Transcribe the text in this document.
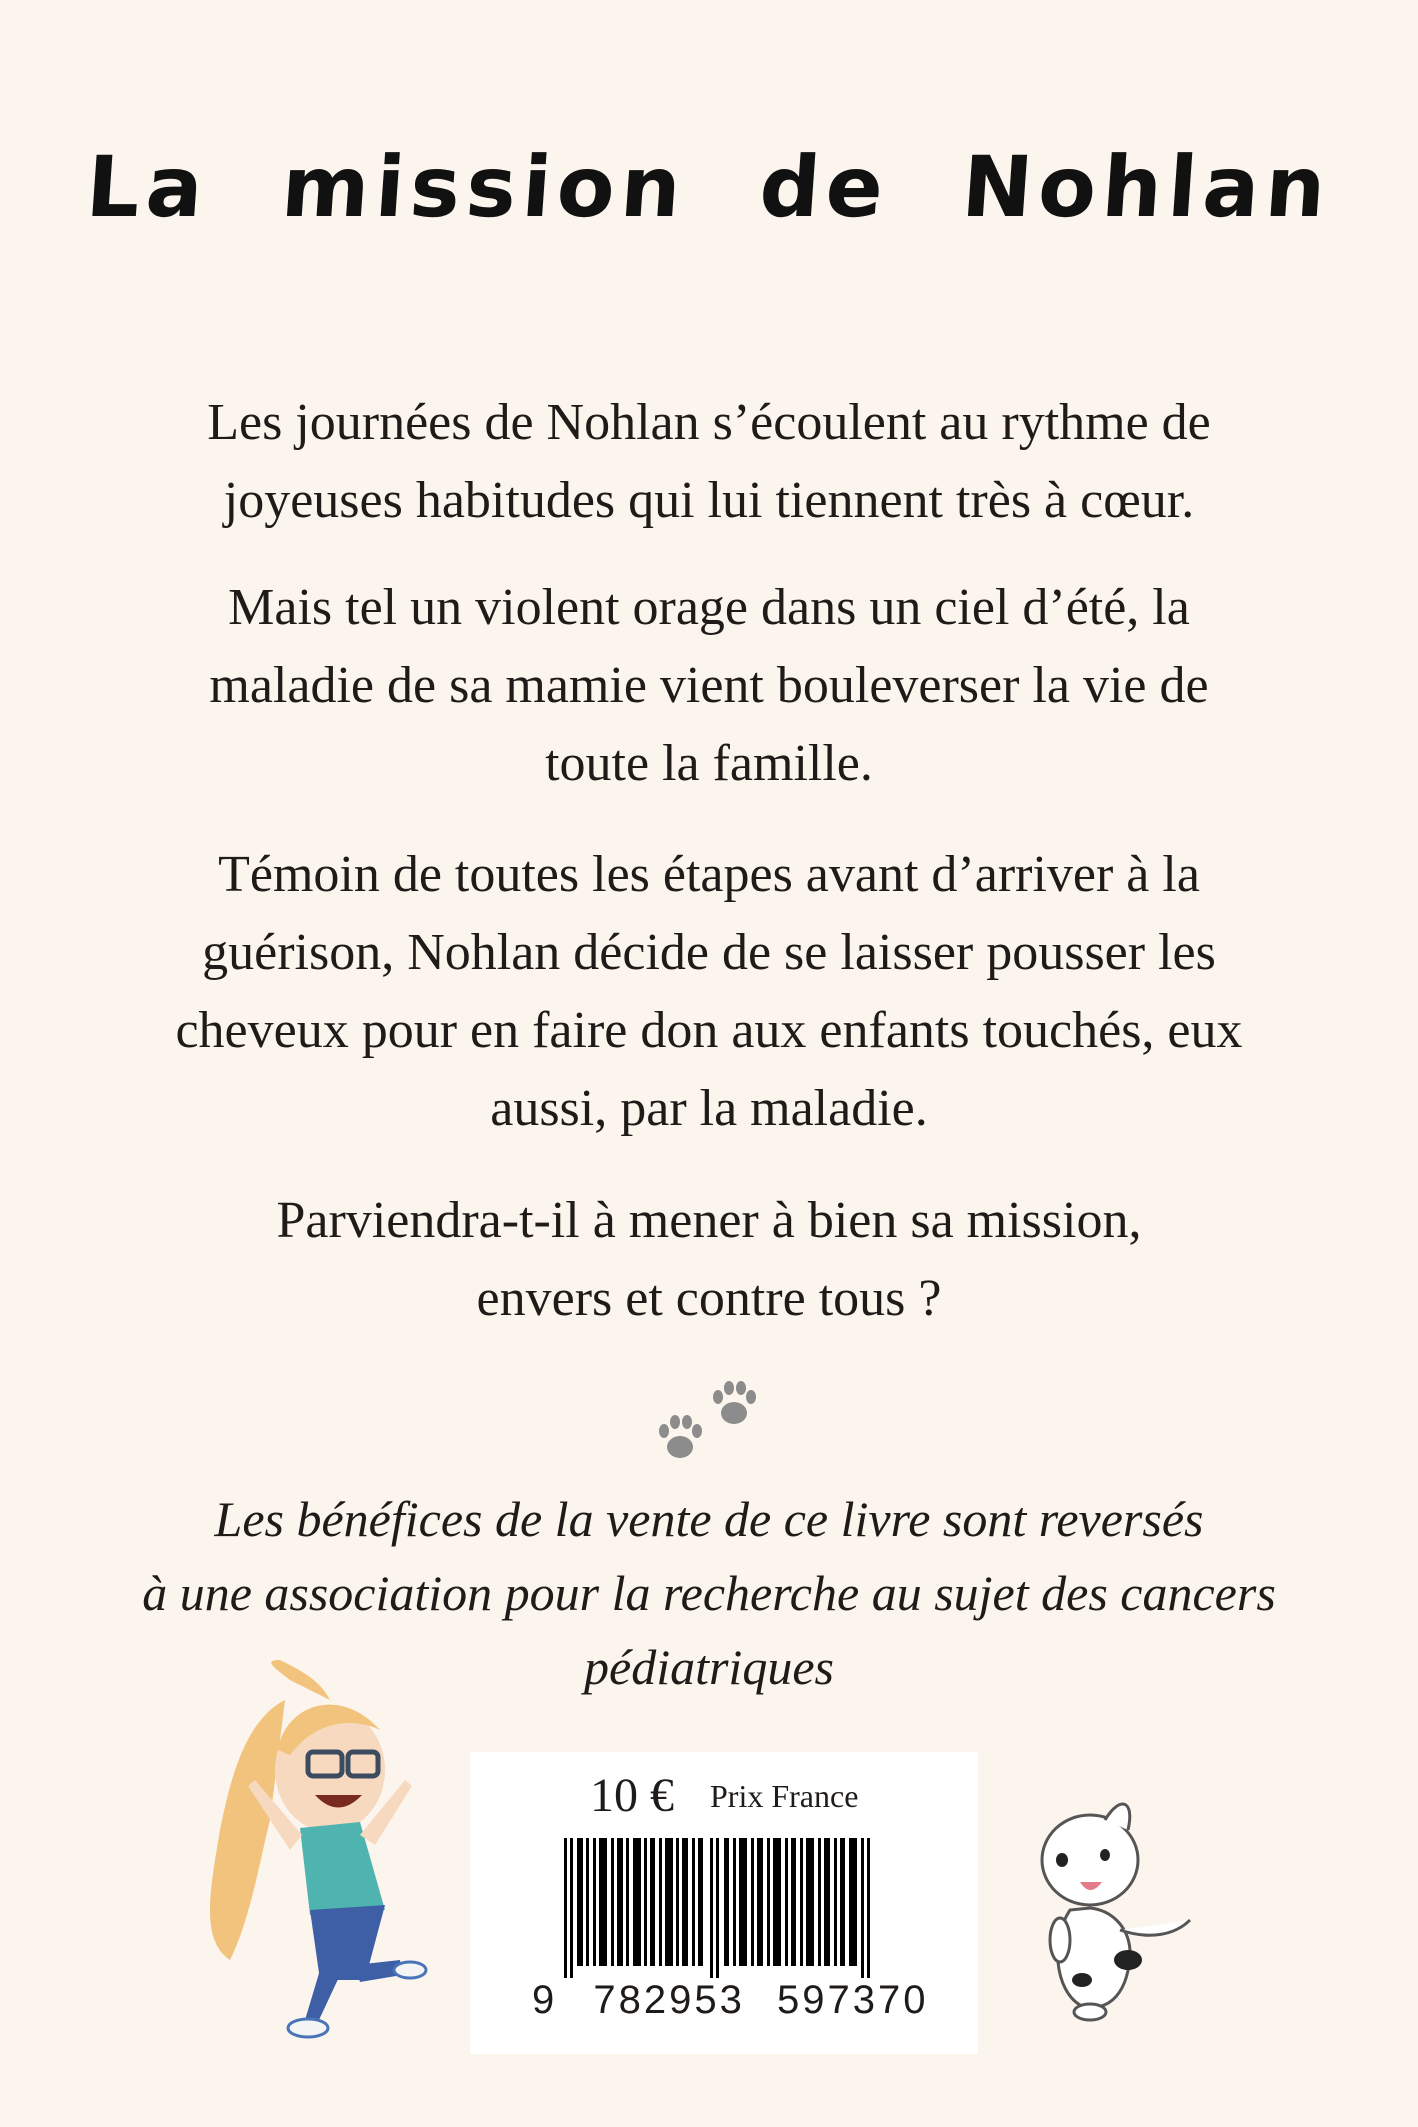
La mission de Nohlan
Les journées de Nohlan s’écoulent au rythme de
joyeuses habitudes qui lui tiennent très à cœur.
Mais tel un violent orage dans un ciel d’été, la
maladie de sa mamie vient bouleverser la vie de
toute la famille.
Témoin de toutes les étapes avant d’arriver à la
guérison, Nohlan décide de se laisser pousser les
cheveux pour en faire don aux enfants touchés, eux
aussi, par la maladie.
Parviendra-t-il à mener à bien sa mission,
envers et contre tous ?
Les bénéfices de la vente de ce livre sont reversés
à une association pour la recherche au sujet des cancers
pédiatriques
10 € Prix France
9 782953 597370
